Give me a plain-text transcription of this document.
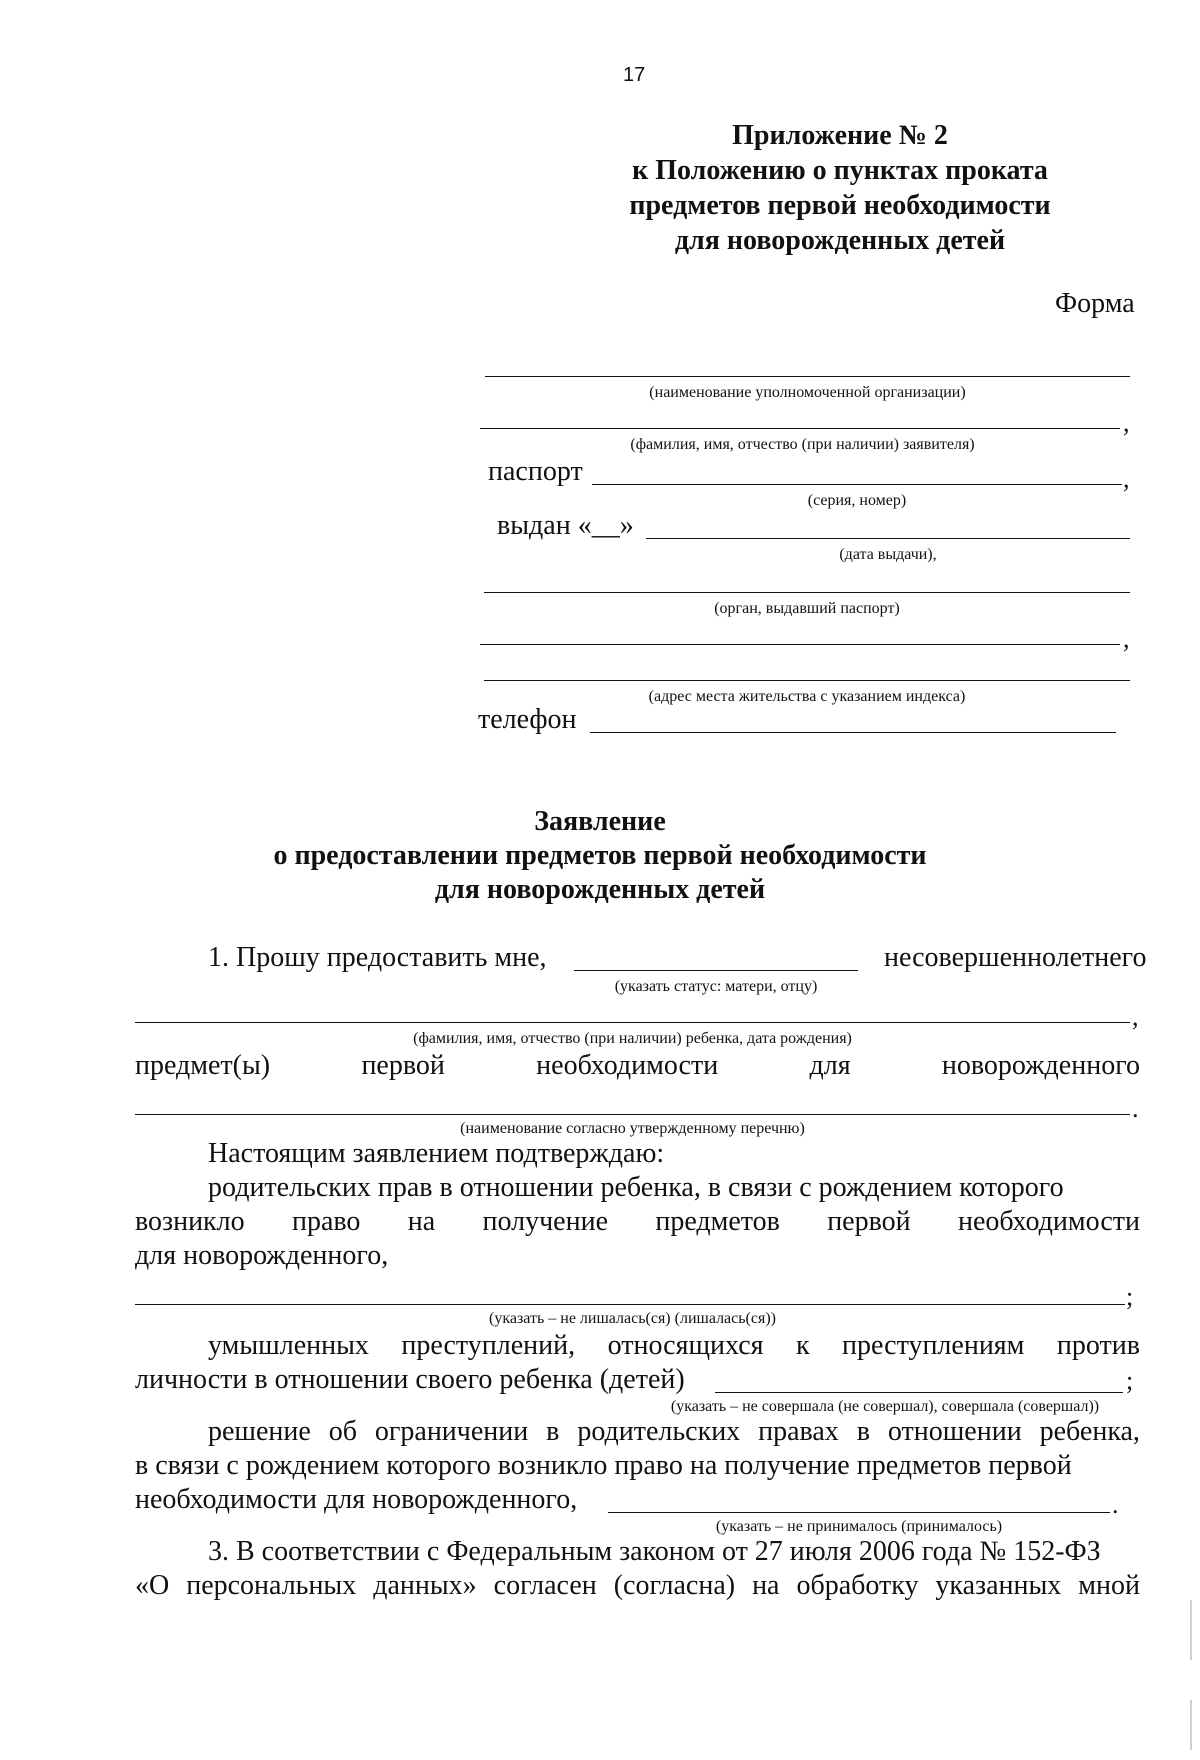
17
Приложение № 2
к Положению о пунктах проката
предметов первой необходимости
для новорожденных детей
Форма
(наименование уполномоченной организации)
,
(фамилия, имя, отчество (при наличии) заявителя)
паспорт	,
(серия, номер)
выдан «__»
(дата выдачи),
(орган, выдавший паспорт)
,
(адрес места жительства с указанием индекса)
телефон
Заявление
о предоставлении предметов первой необходимости
для новорожденных детей
1. Прошу предоставить мне,	несовершеннолетнего
(указать статус: матери, отцу)
,
(фамилия, имя, отчество (при наличии) ребенка, дата рождения)
предмет(ы)	первой	необходимости	для	новорожденного
.
(наименование согласно утвержденному перечню)
Настоящим заявлением подтверждаю:
родительских прав в отношении ребенка, в связи с рождением которого
возникло право на получение предметов первой необходимости
для новорожденного,
;
(указать – не лишалась(ся) (лишалась(ся))
умышленных преступлений, относящихся к преступлениям против
личности в отношении своего ребенка (детей)	;
(указать – не совершала (не совершал), совершала (совершал))
решение об ограничении в родительских правах в отношении ребенка,
в связи с рождением которого возникло право на получение предметов первой
необходимости для новорожденного,	.
(указать – не принималось (принималось)
3. В соответствии с Федеральным законом от 27 июля 2006 года № 152-ФЗ
«О персональных данных» согласен (согласна) на обработку указанных мной
